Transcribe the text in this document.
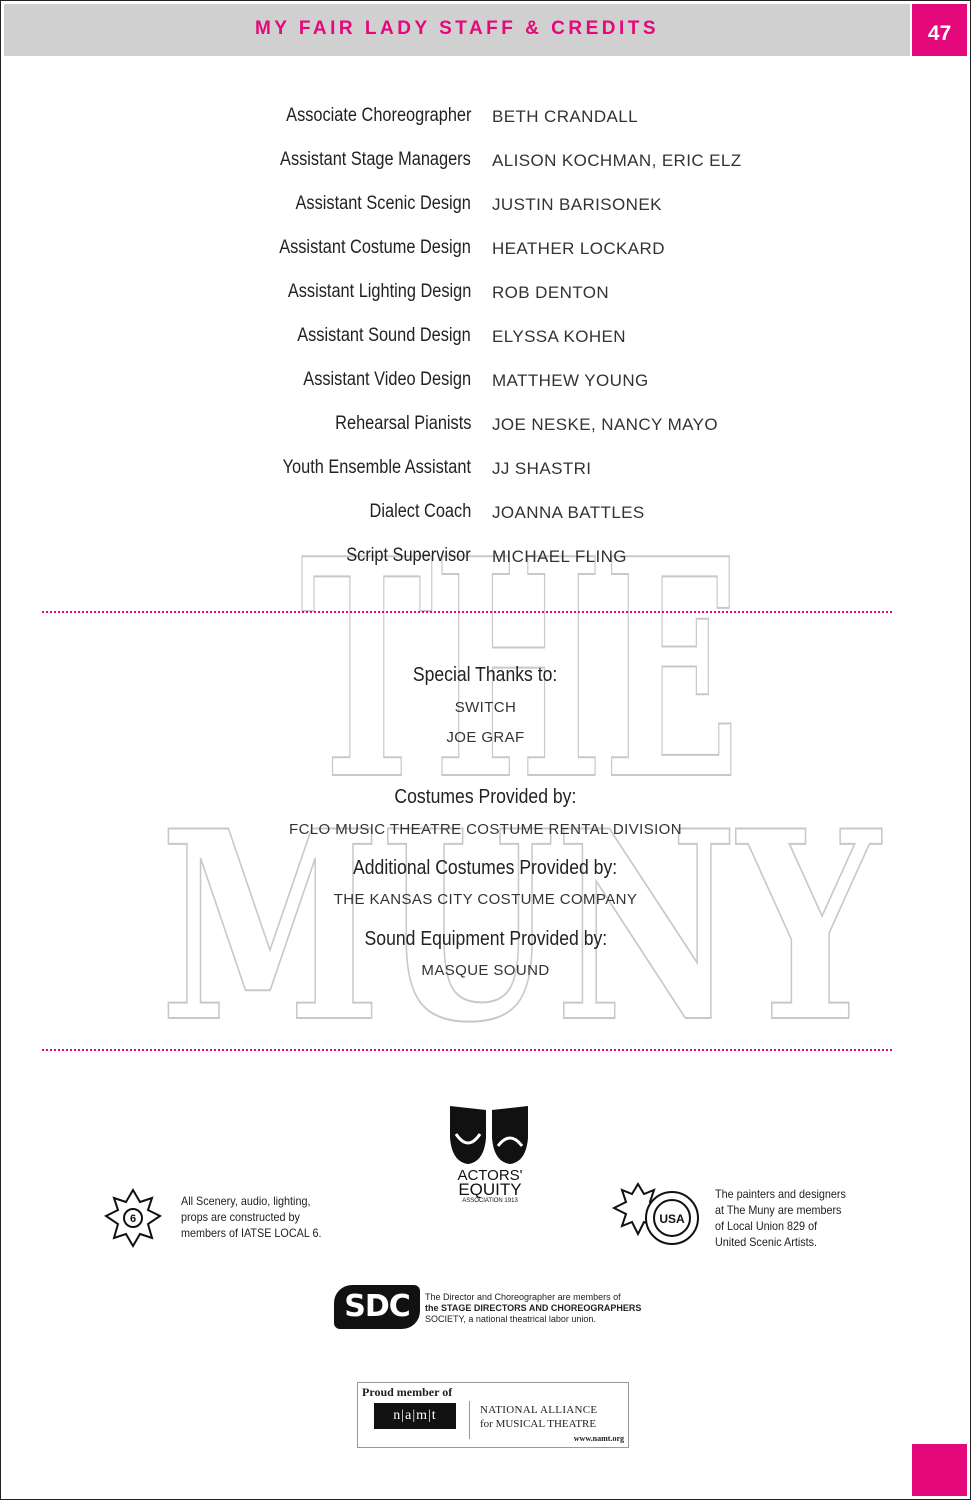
MY FAIR LADY STAFF & CREDITS	47
THE
MUNY
Associate Choreographer BETH CRANDALL
Assistant Stage Managers ALISON KOCHMAN, ERIC ELZ
Assistant Scenic Design JUSTIN BARISONEK
Assistant Costume Design HEATHER LOCKARD
Assistant Lighting Design ROB DENTON
Assistant Sound Design ELYSSA KOHEN
Assistant Video Design MATTHEW YOUNG
Rehearsal Pianists JOE NESKE, NANCY MAYO
Youth Ensemble Assistant JJ SHASTRI
Dialect Coach JOANNA BATTLES
Script Supervisor MICHAEL FLING
Special Thanks to:
SWITCH
JOE GRAF
Costumes Provided by:
FCLO MUSIC THEATRE COSTUME RENTAL DIVISION
Additional Costumes Provided by:
THE KANSAS CITY COSTUME COMPANY
Sound Equipment Provided by:
MASQUE SOUND
ACTORS'
EQUITY
ASSOCIATION 1913
6
All Scenery, audio, lighting,
props are constructed by
members of IATSE LOCAL 6.
USA
The painters and designers
at The Muny are members
of Local Union 829 of
United Scenic Artists.
SDC	The Director and Choreographer are members of
the STAGE DIRECTORS AND CHOREOGRAPHERS
SOCIETY, a national theatrical labor union.
Proud member of
n|a|m|t	NATIONAL ALLIANCE
for MUSICAL THEATRE
www.namt.org
